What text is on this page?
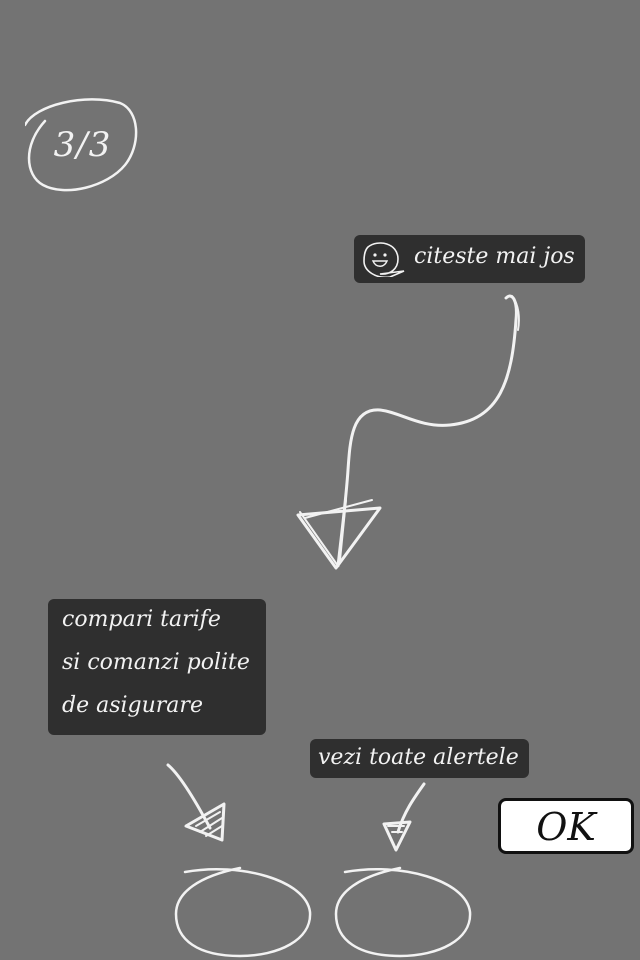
3/3
citeste mai jos
compari tarife
si comanzi polite
de asigurare
vezi toate alertele
OK
